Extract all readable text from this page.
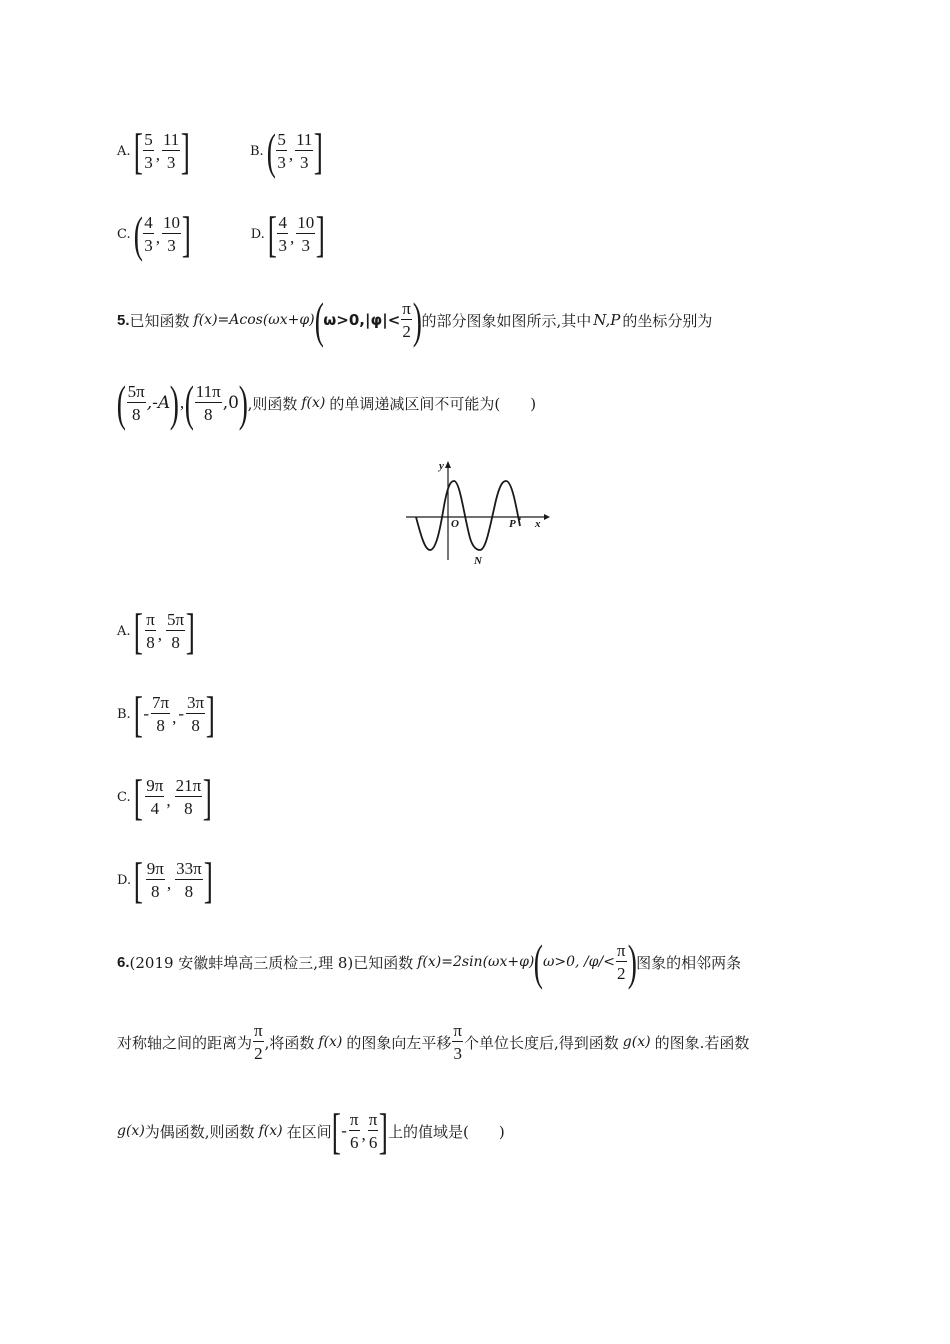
A. [ $\frac{5}{3}$ , $\frac{11}{3}$ ]	B. ( $\frac{5}{3}$ , $\frac{11}{3}$ ]
C. ( $\frac{4}{3}$ , $\frac{10}{3}$ ]	D. [ $\frac{4}{3}$ , $\frac{10}{3}$ ]
5. 已知函数 f(x)=Acos(ωx+φ) ( $\omega>0,|\varphi|< \frac{\pi}{2}$ ) 的部分图象如图所示,其中 N,P 的坐标分别为
( $\frac{5\pi}{8} ,-A$ ) , ( $\frac{11\pi}{8} ,0$ ) ,则函数 f(x) 的单调递减区间不可能为(　　)
y
x
O	P
N
A. [ $\frac{\pi}{8}$ , $\frac{5\pi}{8}$ ]
B. [ - $\frac{7\pi}{8}$ , - $\frac{3\pi}{8}$ ]
C. [ $\frac{9\pi}{4}$ , $\frac{21\pi}{8}$ ]
D. [ $\frac{9\pi}{8}$ , $\frac{33\pi}{8}$ ]
6. (2019 安徽蚌埠高三质检三,理 8)已知函数 f(x)=2sin(ωx+φ) ( ω>0, $/\varphi/< \frac{\pi}{2}$ ) 图象的相邻两条
对称轴之间的距离为 $\frac{\pi}{2}$ ,将函数 f(x) 的图象向左平移 $\frac{\pi}{3}$ 个单位长度后,得到函数 g(x) 的图象.若函数
g(x) 为偶函数,则函数 f(x) 在区间 [ - $\frac{\pi}{6}$ , $\frac{\pi}{6}$ ] 上的值域是(　　)
